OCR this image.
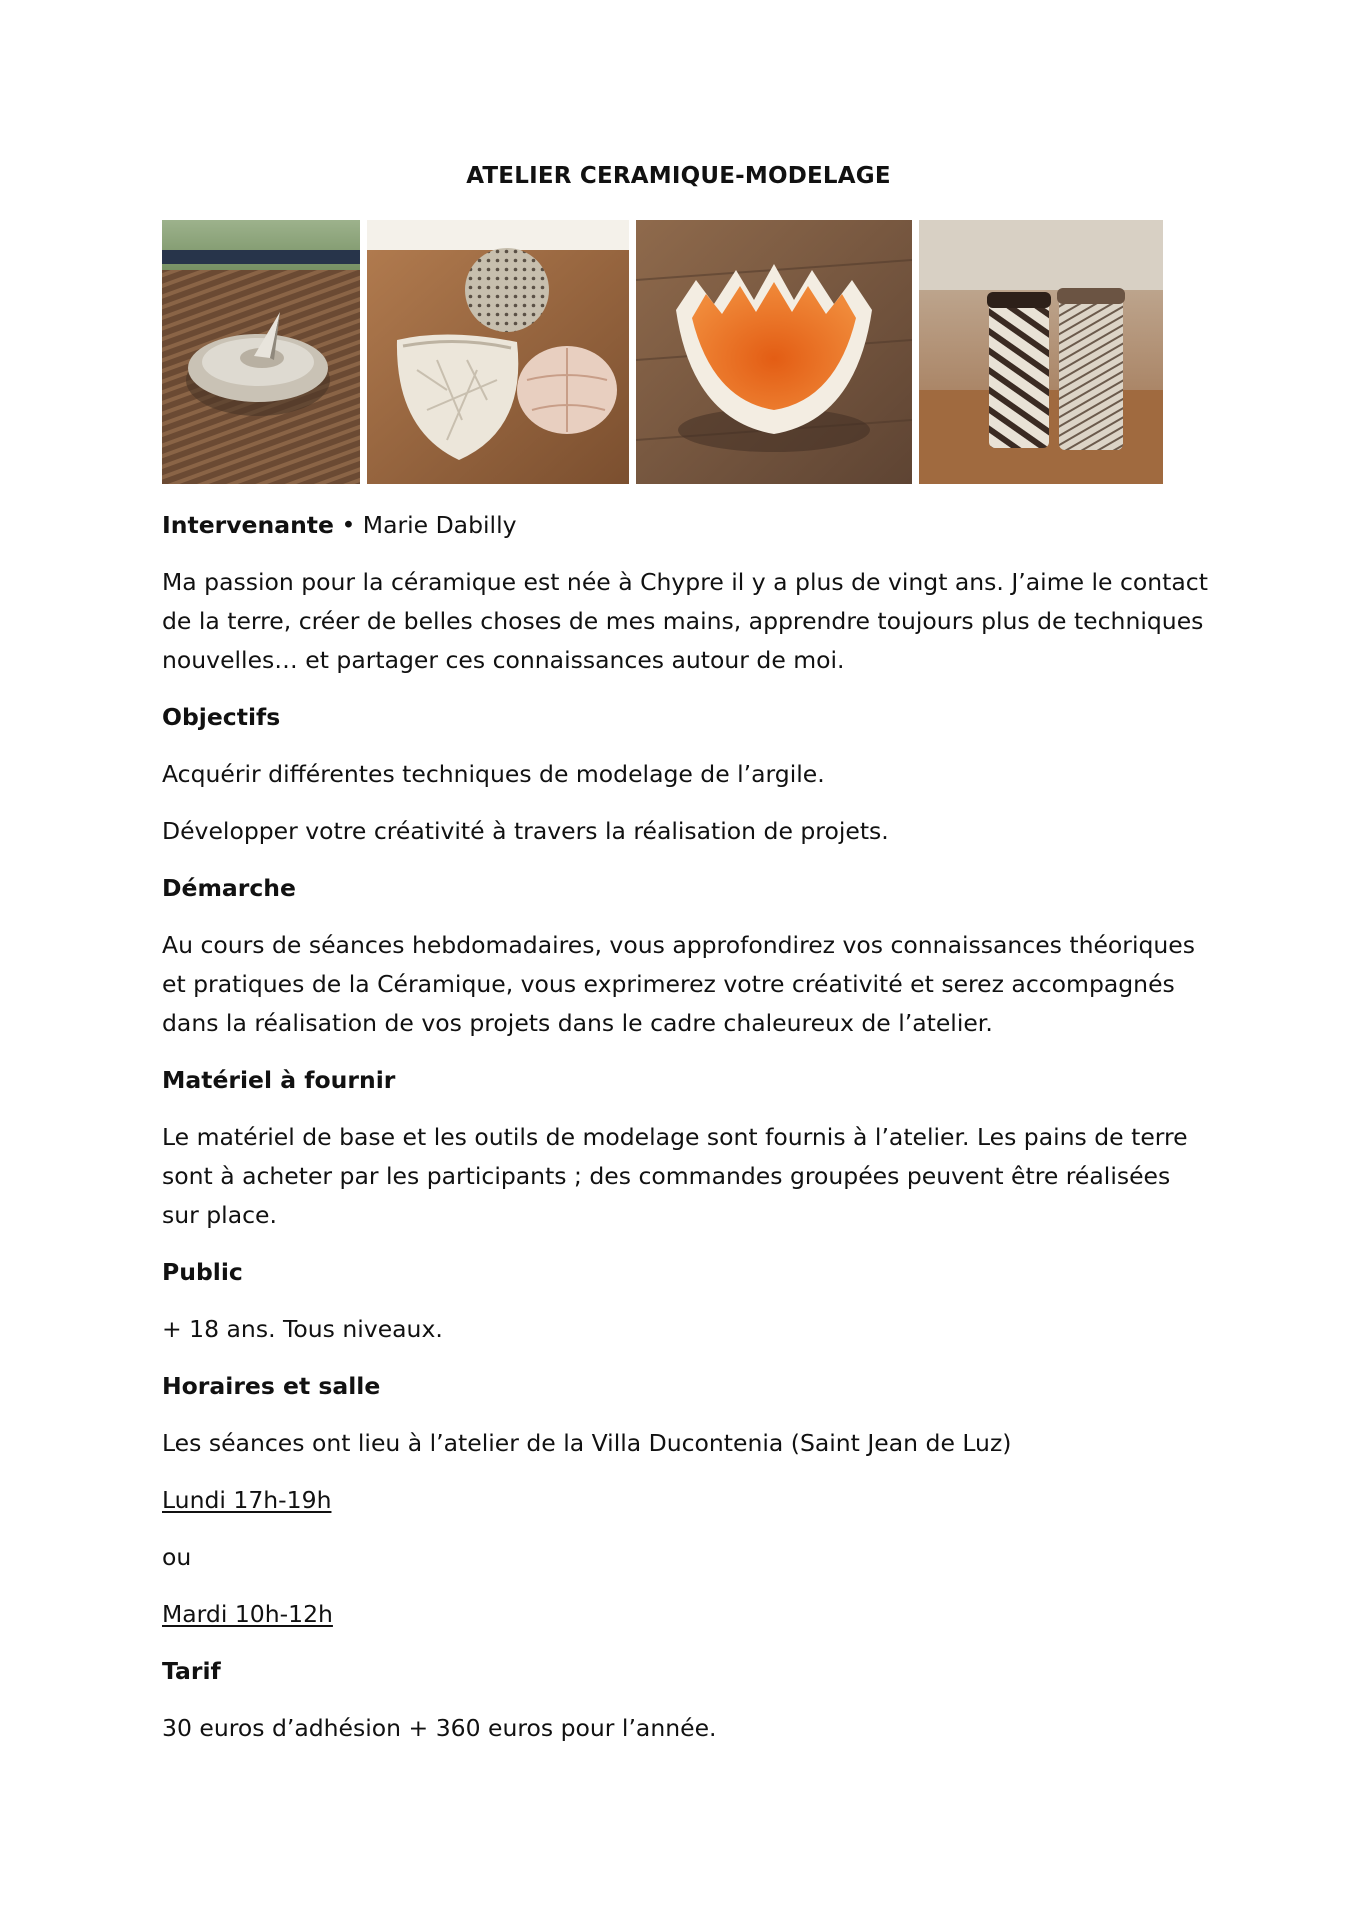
ATELIER CERAMIQUE-MODELAGE

Intervenante • Marie Dabilly

Ma passion pour la céramique est née à Chypre il y a plus de vingt ans. J’aime le contact de la terre, créer de belles choses de mes mains, apprendre toujours plus de techniques nouvelles… et partager ces connaissances autour de moi.

Objectifs

Acquérir différentes techniques de modelage de l’argile.

Développer votre créativité à travers la réalisation de projets.

Démarche

Au cours de séances hebdomadaires, vous approfondirez vos connaissances théoriques et pratiques de la Céramique, vous exprimerez votre créativité et serez accompagnés dans la réalisation de vos projets dans le cadre chaleureux de l’atelier.

Matériel à fournir

Le matériel de base et les outils de modelage sont fournis à l’atelier. Les pains de terre sont à acheter par les participants ; des commandes groupées peuvent être réalisées sur place.

Public

+ 18 ans. Tous niveaux.

Horaires et salle

Les séances ont lieu à l’atelier de la Villa Ducontenia (Saint Jean de Luz)

Lundi 17h-19h

ou

Mardi 10h-12h

Tarif

30 euros d’adhésion + 360 euros pour l’année.
